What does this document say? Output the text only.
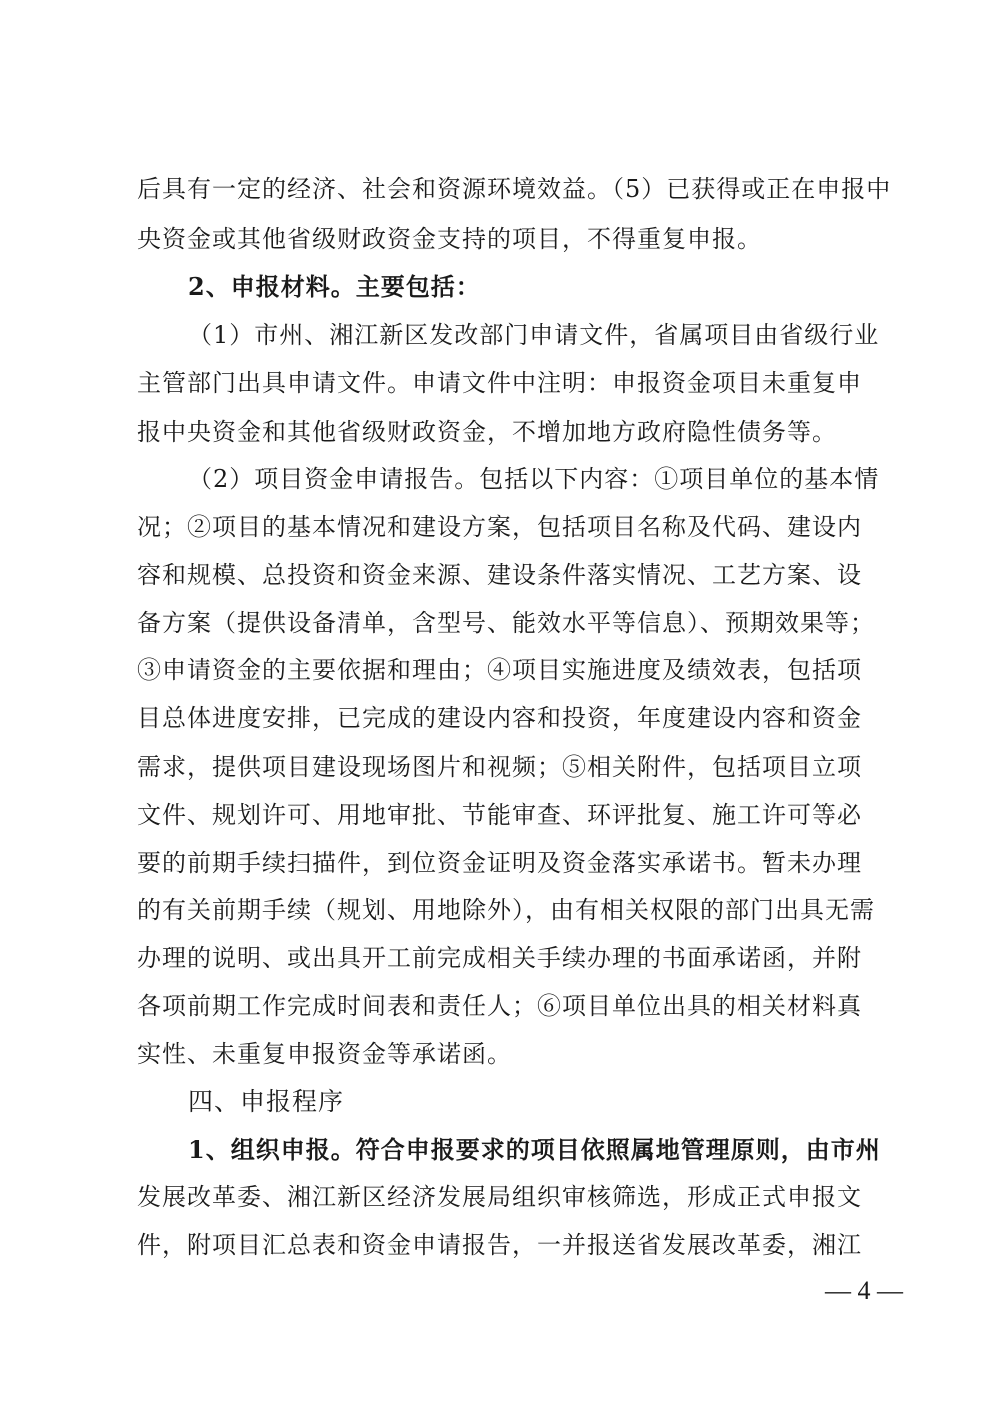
后具有一定的经济、社会和资源环境效益。（5）已获得或正在申报中
央资金或其他省级财政资金支持的项目，不得重复申报。
2、申报材料。主要包括：
（1）市州、湘江新区发改部门申请文件，省属项目由省级行业
主管部门出具申请文件。申请文件中注明：申报资金项目未重复申
报中央资金和其他省级财政资金，不增加地方政府隐性债务等。
（2）项目资金申请报告。包括以下内容：①项目单位的基本情
况；②项目的基本情况和建设方案，包括项目名称及代码、建设内
容和规模、总投资和资金来源、建设条件落实情况、工艺方案、设
备方案（提供设备清单，含型号、能效水平等信息）、预期效果等；
③申请资金的主要依据和理由；④项目实施进度及绩效表，包括项
目总体进度安排，已完成的建设内容和投资，年度建设内容和资金
需求，提供项目建设现场图片和视频；⑤相关附件，包括项目立项
文件、规划许可、用地审批、节能审查、环评批复、施工许可等必
要的前期手续扫描件，到位资金证明及资金落实承诺书。暂未办理
的有关前期手续（规划、用地除外），由有相关权限的部门出具无需
办理的说明、或出具开工前完成相关手续办理的书面承诺函，并附
各项前期工作完成时间表和责任人；⑥项目单位出具的相关材料真
实性、未重复申报资金等承诺函。
四、申报程序
1、组织申报。符合申报要求的项目依照属地管理原则，由市州
发展改革委、湘江新区经济发展局组织审核筛选，形成正式申报文
件，附项目汇总表和资金申请报告，一并报送省发展改革委，湘江
— 4 —
